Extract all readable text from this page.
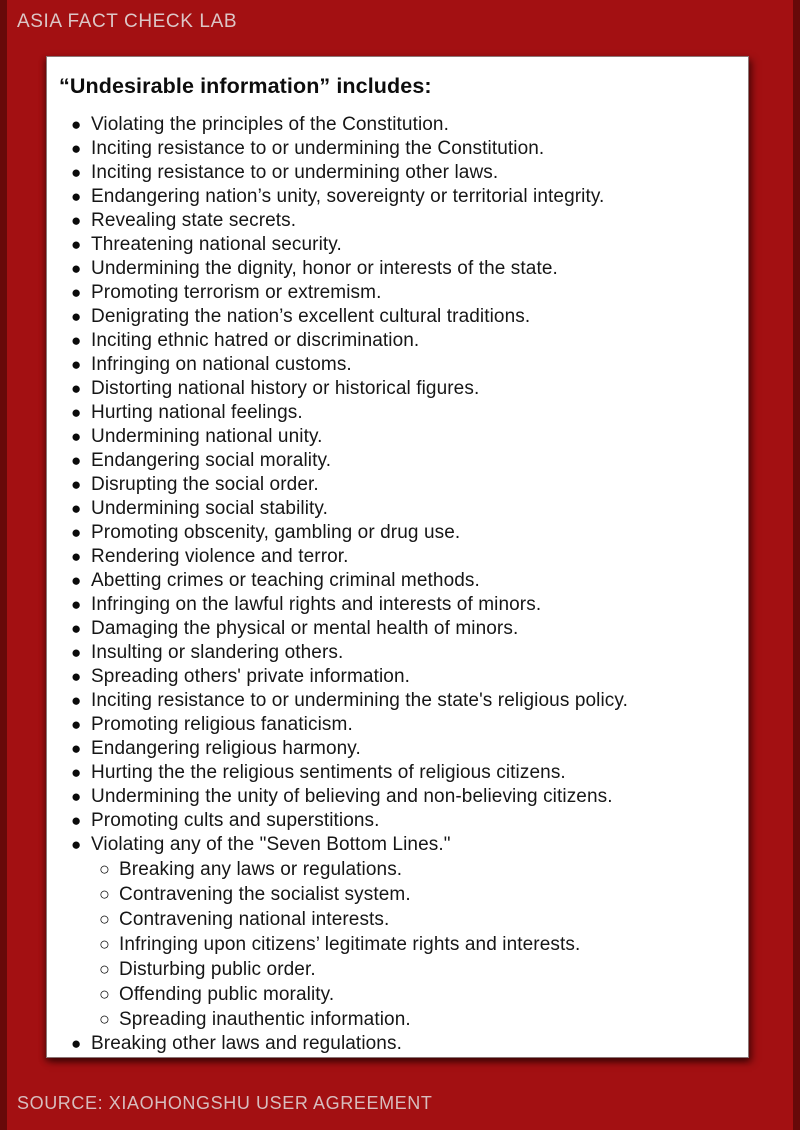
ASIA FACT CHECK LAB
“Undesirable information” includes:
● Violating the principles of the Constitution.
● Inciting resistance to or undermining the Constitution.
● Inciting resistance to or undermining other laws.
● Endangering nation’s unity, sovereignty or territorial integrity.
● Revealing state secrets.
● Threatening national security.
● Undermining the dignity, honor or interests of the state.
● Promoting terrorism or extremism.
● Denigrating the nation’s excellent cultural traditions.
● Inciting ethnic hatred or discrimination.
● Infringing on national customs.
● Distorting national history or historical figures.
● Hurting national feelings.
● Undermining national unity.
● Endangering social morality.
● Disrupting the social order.
● Undermining social stability.
● Promoting obscenity, gambling or drug use.
● Rendering violence and terror.
● Abetting crimes or teaching criminal methods.
● Infringing on the lawful rights and interests of minors.
● Damaging the physical or mental health of minors.
● Insulting or slandering others.
● Spreading others' private information.
● Inciting resistance to or undermining the state's religious policy.
● Promoting religious fanaticism.
● Endangering religious harmony.
● Hurting the the religious sentiments of religious citizens.
● Undermining the unity of believing and non-believing citizens.
● Promoting cults and superstitions.
● Violating any of the "Seven Bottom Lines."
○ Breaking any laws or regulations.
○ Contravening the socialist system.
○ Contravening national interests.
○ Infringing upon citizens’ legitimate rights and interests.
○ Disturbing public order.
○ Offending public morality.
○ Spreading inauthentic information.
● Breaking other laws and regulations.
SOURCE: XIAOHONGSHU USER AGREEMENT
